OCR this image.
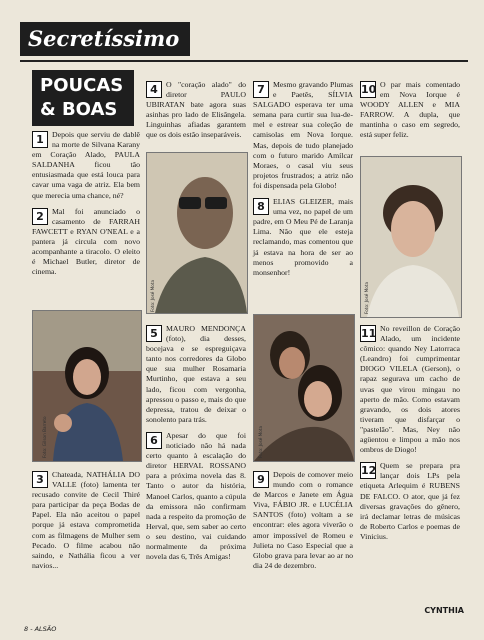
Secretíssimo
POUCAS & BOAS
1	Depois que serviu de dablê na morte de Silvana Karany em Coração Alado, PAULA SALDANHA ficou tão entusiasmada que está louca para cavar uma vaga de atriz. Ela bem que merecia uma chance, né?

2	Mal foi anunciado o casamento de FARRAH FAWCETT e RYAN O'NEAL e a pantera já circula com novo acompanhante a tiracolo. O eleito é Michael Butler, diretor de cinema.

Foto: Gilson Barreto
3	Chateada, NATHÁLIA DO VALLE (foto) lamenta ter recusado convite de Cecil Thiré para participar da peça Bodas de Papel. Ela não aceitou o papel porque já estava comprometida com as filmagens de Mulher sem Pecado. O filme acabou não saindo, e Nathália ficou a ver navios...

4	O "coração alado" do diretor PAULO UBIRATAN bate agora suas asinhas pro lado de Elisângela. Linguinhas afiadas garantem que os dois estão inseparáveis.

Foto: José Mota
5	MAURO MENDONÇA (foto), dia desses, bocejava e se espreguiçava tanto nos corredores da Globo que sua mulher Rosamaria Murtinho, que estava a seu lado, ficou com vergonha, apressou o passo e, mais do que depressa, tratou de deixar o sonolento para trás.

6	Apesar do que foi noticiado não há nada certo quanto à escalação do diretor HERVAL ROSSANO para a próxima novela das 8. Tanto o autor da história, Manoel Carlos, quanto a cúpula da emissora não confirmam nada a respeito da promoção de Herval, que, sem saber ao certo o seu destino, vai cuidando normalmente da próxima novela das 6, Três Amigas!

7	Mesmo gravando Plumas e Paetês, SÍLVIA SALGADO esperava ter uma semana para curtir sua lua-de-mel e estrear sua coleção de camisolas em Nova Iorque. Mas, depois de tudo planejado com o futuro marido Amílcar Moraes, o casal viu seus projetos frustrados; a atriz não foi dispensada pela Globo!

8	ELIAS GLEIZER, mais uma vez, no papel de um padre, em O Meu Pé de Laranja Lima. Não que ele esteja reclamando, mas comentou que já estava na hora de ser ao menos promovido a monsenhor!

Foto: José Mota
9	Depois de comover meio mundo com o romance de Marcos e Janete em Água Viva, FÁBIO JR. e LUCÉLIA SANTOS (foto) voltam a se encontrar: eles agora viverão o amor impossível de Romeu e Julieta no Caso Especial que a Globo grava para levar ao ar no dia 24 de dezembro.

10 O par mais comentado em Nova Iorque é WOODY ALLEN e MIA FARROW. A dupla, que mantinha o caso em segredo, está super feliz.

Foto: José Mota
11 No reveillon de Coração Alado, um incidente cômico: quando Ney Latorraca (Leandro) foi cumprimentar DIOGO VILELA (Gerson), o rapaz segurava um cacho de uvas que virou mingau no aperto de mão. Como estavam gravando, os dois atores tiveram que disfarçar o "pastelão". Mas, Ney não agüentou e limpou a mão nos ombros de Diogo!

12 Quem se prepara pra lançar dois LPs pela etiqueta Arlequim é RUBENS DE FALCO. O ator, que já fez diversas gravações do gênero, irá declamar letras de músicas de Roberto Carlos e poemas de Vinicius.

CYNTHIA
8 - ALSÃO
